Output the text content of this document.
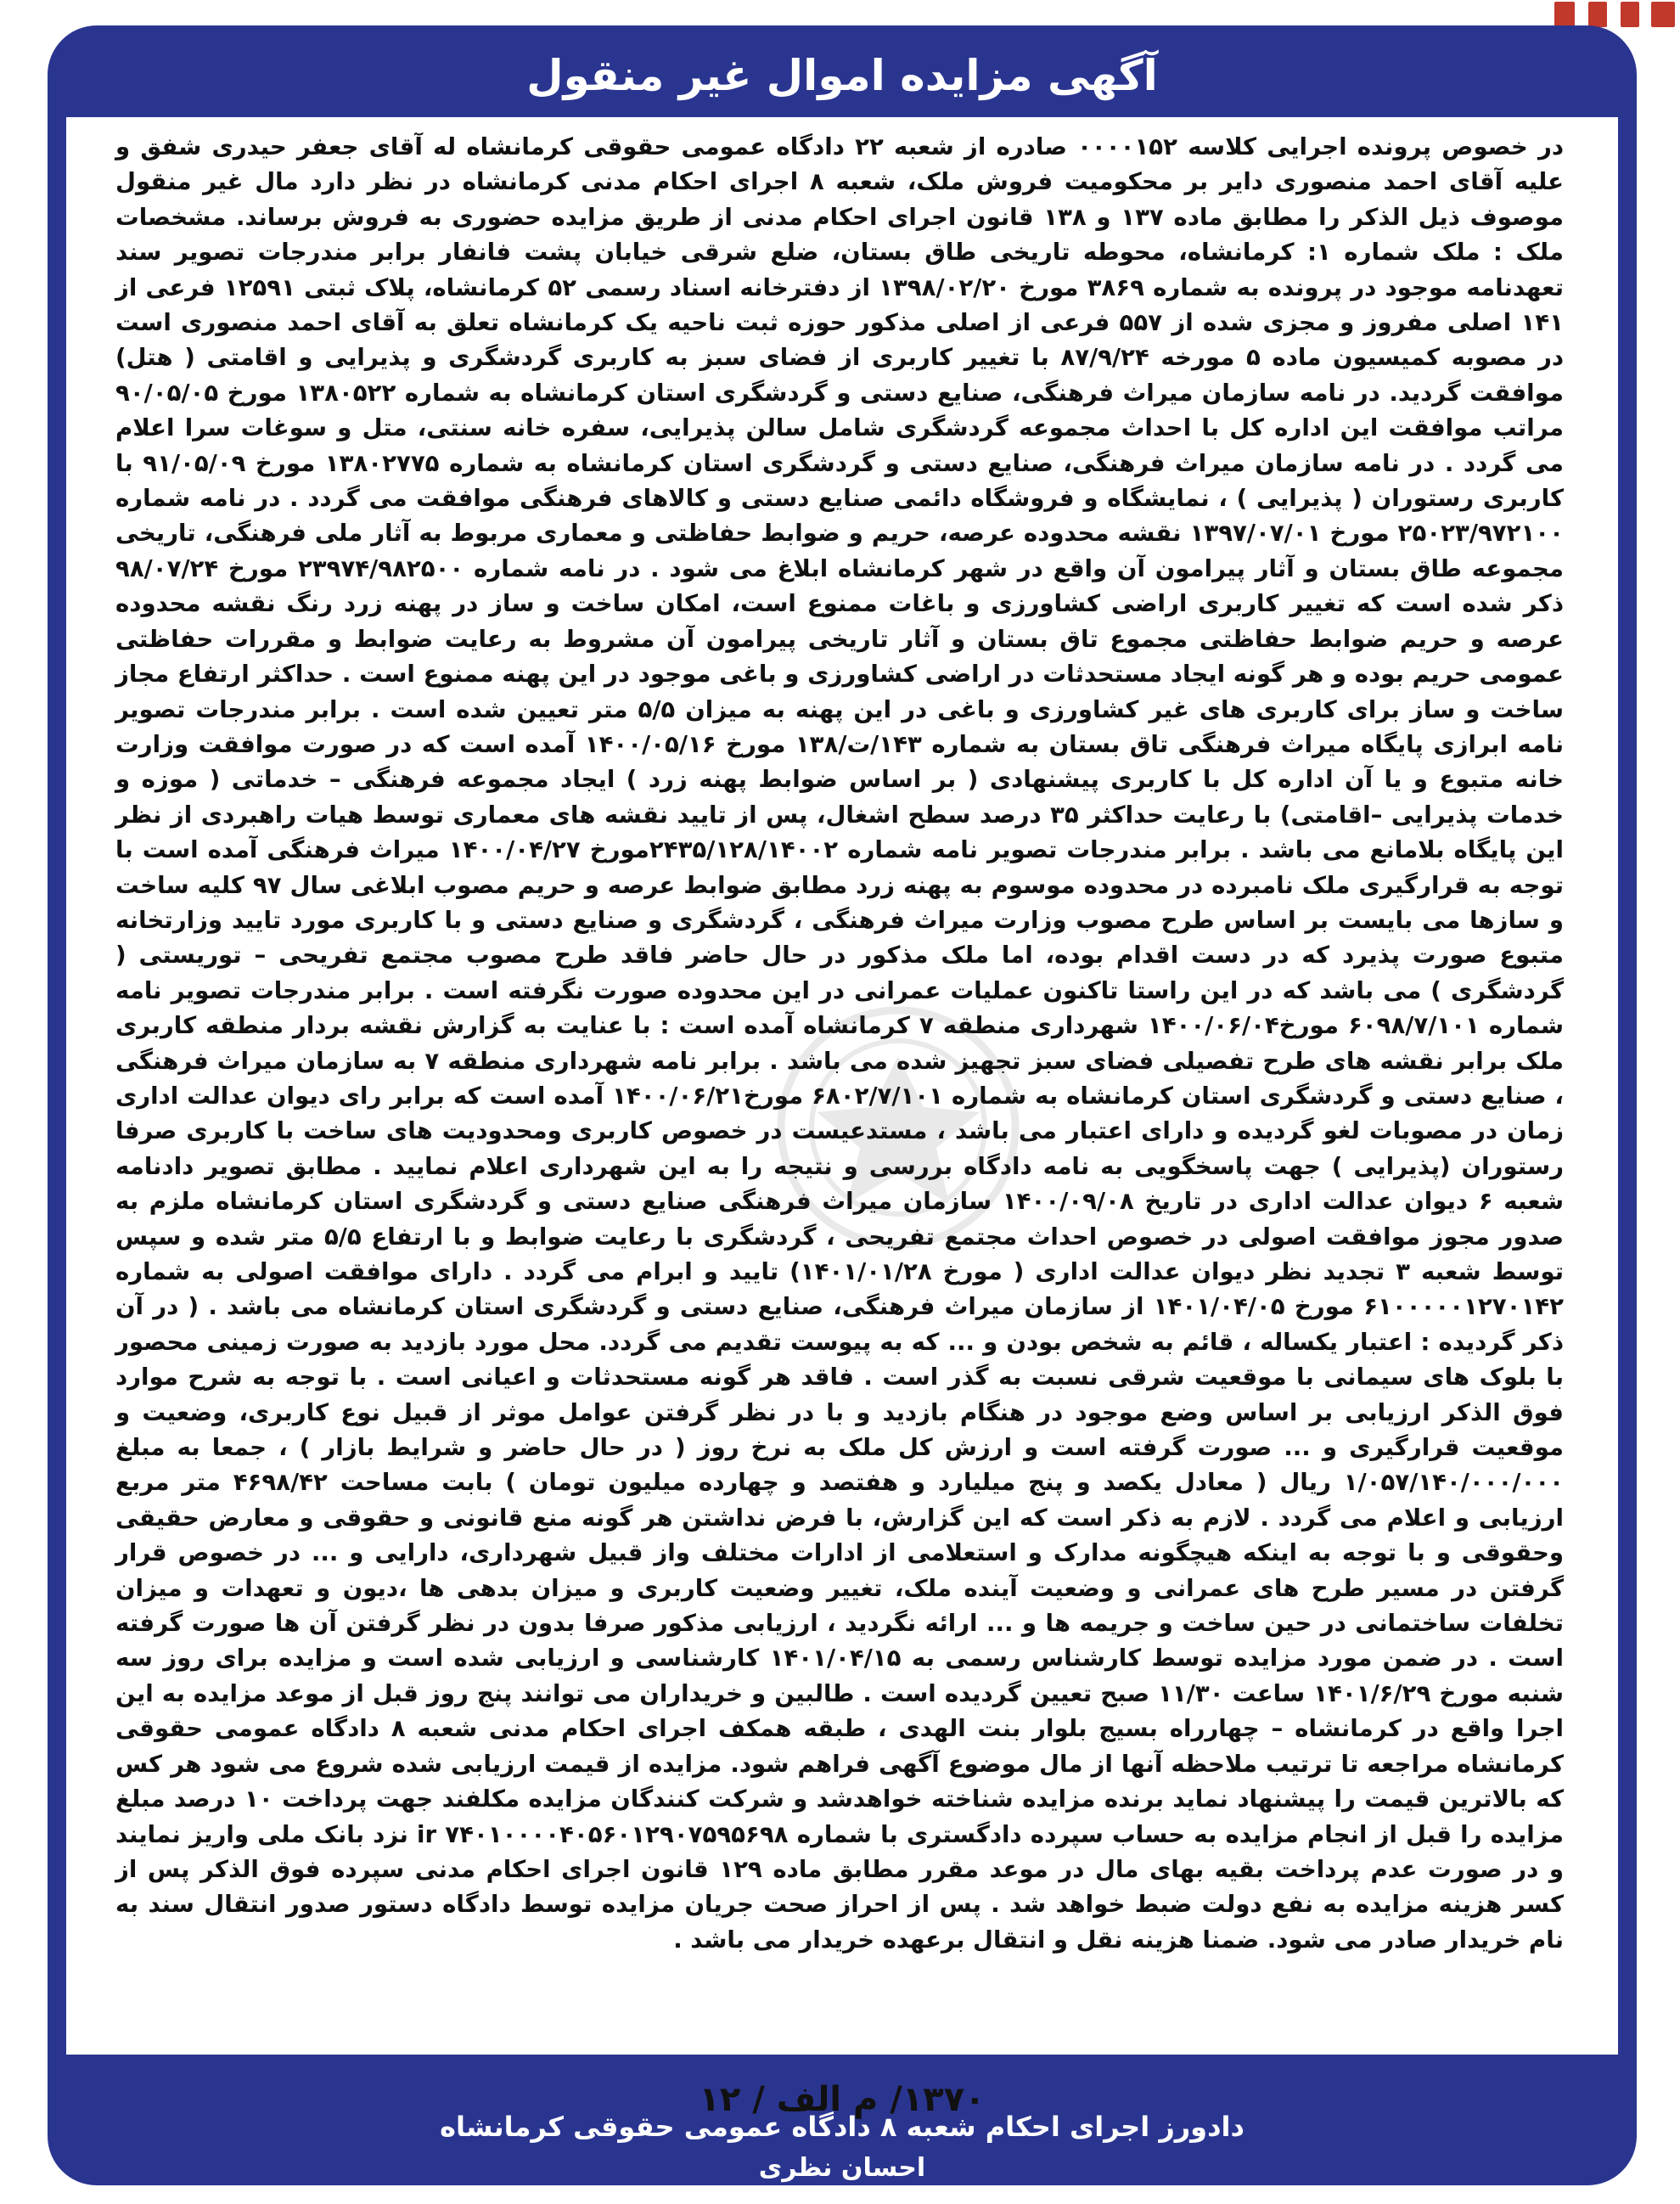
آگهی مزایده اموال غیر منقول
در خصوص پرونده اجرایی کلاسه ۰۰۰۰۱۵۲ صادره از شعبه ۲۲ دادگاه عمومی حقوقی کرمانشاه له آقای جعفر حیدری شفق و علیه آقای احمد منصوری دایر بر محکومیت فروش ملک، شعبه ۸ اجرای احکام مدنی کرمانشاه در نظر دارد مال غیر منقول موصوف ذیل الذکر را مطابق ماده ۱۳۷ و ۱۳۸ قانون اجرای احکام مدنی از طریق مزایده حضوری به فروش برساند. مشخصات ملک : ملک شماره ۱: کرمانشاه، محوطه تاریخی طاق بستان، ضلع شرقی خیابان پشت فانفار برابر مندرجات تصویر سند تعهدنامه موجود در پرونده به شماره ۳۸۶۹ مورخ ۱۳۹۸/۰۲/۲۰ از دفترخانه اسناد رسمی ۵۲ کرمانشاه، پلاک ثبتی ۱۲۵۹۱ فرعی از ۱۴۱ اصلی مفروز و مجزی شده از ۵۵۷ فرعی از اصلی مذکور حوزه ثبت ناحیه یک کرمانشاه تعلق به آقای احمد منصوری است در مصوبه کمیسیون ماده ۵ مورخه ۸۷/۹/۲۴ با تغییر کاربری از فضای سبز به کاربری گردشگری و پذیرایی و اقامتی ( هتل) موافقت گردید. در نامه سازمان میراث فرهنگی، صنایع دستی و گردشگری استان کرمانشاه به شماره ۱۳۸۰۵۲۲ مورخ ۹۰/۰۵/۰۵ مراتب موافقت این اداره کل با احداث مجموعه گردشگری شامل سالن پذیرایی، سفره خانه سنتی، متل و سوغات سرا اعلام می گردد . در نامه سازمان میراث فرهنگی، صنایع دستی و گردشگری استان کرمانشاه به شماره ۱۳۸۰۲۷۷۵ مورخ ۹۱/۰۵/۰۹ با کاربری رستوران ( پذیرایی ) ، نمایشگاه و فروشگاه دائمی صنایع دستی و کالاهای فرهنگی موافقت می گردد . در نامه شماره ۲۵۰۲۳/۹۷۲۱۰۰ مورخ ۱۳۹۷/۰۷/۰۱ نقشه محدوده عرصه، حریم و ضوابط حفاظتی و معماری مربوط به آثار ملی فرهنگی، تاریخی مجموعه طاق بستان و آثار پیرامون آن واقع در شهر کرمانشاه ابلاغ می شود . در نامه شماره ۲۳۹۷۴/۹۸۲۵۰۰ مورخ ۹۸/۰۷/۲۴ ذکر شده است که تغییر کاربری اراضی کشاورزی و باغات ممنوع است، امکان ساخت و ساز در پهنه زرد رنگ نقشه محدوده عرصه و حریم ضوابط حفاظتی مجموع تاق بستان و آثار تاریخی پیرامون آن مشروط به رعایت ضوابط و مقررات حفاظتی عمومی حریم بوده و هر گونه ایجاد مستحدثات در اراضی کشاورزی و باغی موجود در این پهنه ممنوع است . حداکثر ارتفاع مجاز ساخت و ساز برای کاربری های غیر کشاورزی و باغی در این پهنه به میزان ۵/۵ متر تعیین شده است . برابر مندرجات تصویر نامه ابرازی پایگاه میراث فرهنگی تاق بستان به شماره ۱۴۳/ت/۱۳۸ مورخ ۱۴۰۰/۰۵/۱۶ آمده است که در صورت موافقت وزارت خانه متبوع و یا آن اداره کل با کاربری پیشنهادی ( بر اساس ضوابط پهنه زرد ) ایجاد مجموعه فرهنگی – خدماتی ( موزه و خدمات پذیرایی –اقامتی) با رعایت حداکثر ۳۵ درصد سطح اشغال، پس از تایید نقشه های معماری توسط هیات راهبردی از نظر این پایگاه بلامانع می باشد . برابر مندرجات تصویر نامه شماره ۲۴۳۵/۱۲۸/۱۴۰۰۲مورخ ۱۴۰۰/۰۴/۲۷ میراث فرهنگی آمده است با توجه به قرارگیری ملک نامبرده در محدوده موسوم به پهنه زرد مطابق ضوابط عرصه و حریم مصوب ابلاغی سال ۹۷ کلیه ساخت و سازها می بایست بر اساس طرح مصوب وزارت میراث فرهنگی ، گردشگری و صنایع دستی و با کاربری مورد تایید وزارتخانه متبوع صورت پذیرد که در دست اقدام بوده، اما ملک مذکور در حال حاضر فاقد طرح مصوب مجتمع تفریحی – توریستی ( گردشگری ) می باشد که در این راستا تاکنون عملیات عمرانی در این محدوده صورت نگرفته است . برابر مندرجات تصویر نامه شماره ۶۰۹۸/۷/۱۰۱ مورخ۱۴۰۰/۰۶/۰۴ شهرداری منطقه ۷ کرمانشاه آمده است : با عنایت به گزارش نقشه بردار منطقه کاربری ملک برابر نقشه های طرح تفصیلی فضای سبز تجهیز شده می باشد . برابر نامه شهرداری منطقه ۷ به سازمان میراث فرهنگی ، صنایع دستی و گردشگری استان کرمانشاه به شماره ۶۸۰۲/۷/۱۰۱ مورخ۱۴۰۰/۰۶/۲۱ آمده است که برابر رای دیوان عدالت اداری زمان در مصوبات لغو گردیده و دارای اعتبار می باشد ، مستدعیست در خصوص کاربری ومحدودیت های ساخت با کاربری صرفا رستوران (پذیرایی ) جهت پاسخگویی به نامه دادگاه بررسی و نتیجه را به این شهرداری اعلام نمایید . مطابق تصویر دادنامه شعبه ۶ دیوان عدالت اداری در تاریخ ۱۴۰۰/۰۹/۰۸ سازمان میراث فرهنگی صنایع دستی و گردشگری استان کرمانشاه ملزم به صدور مجوز موافقت اصولی در خصوص احداث مجتمع تفریحی ، گردشگری با رعایت ضوابط و با ارتفاع ۵/۵ متر شده و سپس توسط شعبه ۳ تجدید نظر دیوان عدالت اداری ( مورخ ۱۴۰۱/۰۱/۲۸) تایید و ابرام می گردد . دارای موافقت اصولی به شماره ۶۱۰۰۰۰۰۱۲۷۰۱۴۲ مورخ ۱۴۰۱/۰۴/۰۵ از سازمان میراث فرهنگی، صنایع دستی و گردشگری استان کرمانشاه می باشد . ( در آن ذکر گردیده : اعتبار یکساله ، قائم به شخص بودن و ... که به پیوست تقدیم می گردد. محل مورد بازدید به صورت زمینی محصور با بلوک های سیمانی با موقعیت شرقی نسبت به گذر است . فاقد هر گونه مستحدثات و اعیانی است . با توجه به شرح موارد فوق الذکر ارزیابی بر اساس وضع موجود در هنگام بازدید و با در نظر گرفتن عوامل موثر از قبیل نوع کاربری، وضعیت و موقعیت قرارگیری و ... صورت گرفته است و ارزش کل ملک به نرخ روز ( در حال حاضر و شرایط بازار ) ، جمعا به مبلغ ۱/۰۵۷/۱۴۰/۰۰۰/۰۰۰ ریال ( معادل یکصد و پنج میلیارد و هفتصد و چهارده میلیون تومان ) بابت مساحت ۴۶۹۸/۴۲ متر مربع ارزیابی و اعلام می گردد . لازم به ذکر است که این گزارش، با فرض نداشتن هر گونه منع قانونی و حقوقی و معارض حقیقی وحقوقی و با توجه به اینکه هیچگونه مدارک و استعلامی از ادارات مختلف واز قبیل شهرداری، دارایی و ... در خصوص قرار گرفتن در مسیر طرح های عمرانی و وضعیت آینده ملک، تغییر وضعیت کاربری و میزان بدهی ها ،دیون و تعهدات و میزان تخلفات ساختمانی در حین ساخت و جریمه ها و ... ارائه نگردید ، ارزیابی مذکور صرفا بدون در نظر گرفتن آن ها صورت گرفته است . در ضمن مورد مزایده توسط کارشناس رسمی به ۱۴۰۱/۰۴/۱۵ کارشناسی و ارزیابی شده است و مزایده برای روز سه شنبه مورخ ۱۴۰۱/۶/۲۹ ساعت ۱۱/۳۰ صبح تعیین گردیده است . طالبین و خریداران می توانند پنج روز قبل از موعد مزایده به این اجرا واقع در کرمانشاه – چهارراه بسیج بلوار بنت الهدی ، طبقه همکف اجرای احکام مدنی شعبه ۸ دادگاه عمومی حقوقی کرمانشاه مراجعه تا ترتیب ملاحظه آنها از مال موضوع آگهی فراهم شود. مزایده از قیمت ارزیابی شده شروع می شود هر کس که بالاترین قیمت را پیشنهاد نماید برنده مزایده شناخته خواهدشد و شرکت کنندگان مزایده مکلفند جهت پرداخت ۱۰ درصد مبلغ مزایده را قبل از انجام مزایده به حساب سپرده دادگستری با شماره ir ۷۴۰۱۰۰۰۰۴۰۵۶۰۱۲۹۰۷۵۹۵۶۹۸ نزد بانک ملی واریز نمایند و در صورت عدم پرداخت بقیه بهای مال در موعد مقرر مطابق ماده ۱۲۹ قانون اجرای احکام مدنی سپرده فوق الذکر پس از کسر هزینه مزایده به نفع دولت ضبط خواهد شد . پس از احراز صحت جریان مزایده توسط دادگاه دستور صدور انتقال سند به نام خریدار صادر می شود. ضمنا هزینه نقل و انتقال برعهده خریدار می باشد .
۱۳۷۰/ م الف / ۱۲
دادورز اجرای احکام شعبه ۸ دادگاه عمومی حقوقی کرمانشاه
احسان نظری
